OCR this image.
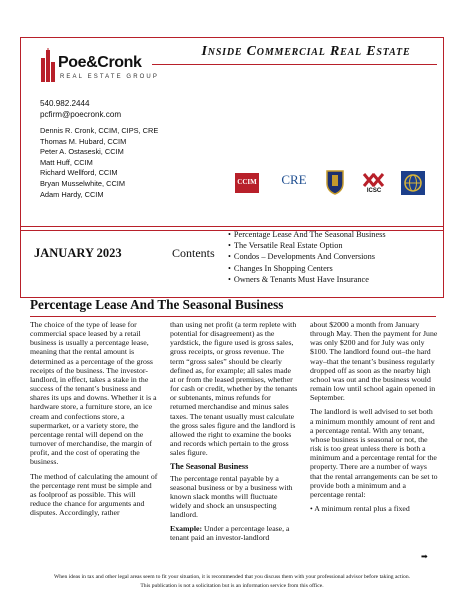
Poe&Cronk
REAL ESTATE GROUP
Inside Commercial Real Estate
540.982.2444
pcfirm@poecronk.com
Dennis R. Cronk, CCIM, CIPS, CRE
Thomas M. Hubard, CCIM
Peter A. Ostaseski, CCIM
Matt Huff, CCIM
Richard Wellford, CCIM
Bryan Musselwhite, CCIM
Adam Hardy, CCIM
CCIM CRE
ICSC
JANUARY 2023	Contents
• Percentage Lease And The Seasonal Business
• The Versatile Real Estate Option
• Condos – Developments And Conversions
• Changes In Shopping Centers
• Owners & Tenants Must Have Insurance
Percentage Lease And The Seasonal Business

The choice of the type of lease for commercial space leased by a retail business is usually a percentage lease, meaning that the rental amount is determined as a percentage of the gross receipts of the business. The investor-landlord, in effect, takes a stake in the success of the tenant’s business and shares its ups and downs. Whether it is a hardware store, a furniture store, an ice cream and confections store, a supermarket, or a variety store, the percentage rental will depend on the turnover of merchandise, the margin of profit, and the cost of operating the business.

The method of calculating the amount of the percentage rent must be simple and as foolproof as possible. This will reduce the chance for arguments and disputes. Accordingly, rather

than using net profit (a term replete with potential for disagreement) as the yardstick, the figure used is gross sales, gross receipts, or gross revenue. The term “gross sales” should be clearly defined as, for example; all sales made at or from the leased premises, whether for cash or credit, whether by the tenants or subtenants, minus refunds for returned merchandise and minus sales taxes. The tenant usually must calculate the gross sales figure and the landlord is allowed the right to examine the books and records which pertain to the gross sales figure.

The Seasonal Business

The percentage rental payable by a seasonal business or by a business with known slack months will fluctuate widely and shock an unsuspecting landlord.

Example: Under a percentage lease, a tenant paid an investor-landlord

about $2000 a month from January through May. Then the payment for June was only $200 and for July was only $100. The landlord found out–the hard way–that the tenant’s business regularly dropped off as soon as the nearby high school was out and the business would remain low until school again opened in September.

The landlord is well advised to set both a minimum monthly amount of rent and a percentage rental. With any tenant, whose business is seasonal or not, the risk is too great unless there is both a minimum and a percentage rental for the property. There are a number of ways that the rental arrangements can be set to provide both a minimum and a percentage rental:

• A minimum rental plus a fixed

➡
When ideas in tax and other legal areas seem to fit your situation, it is recommended that you discuss them with your professional advisor before taking action.
This publication is not a solicitation but is an information service from this office.
